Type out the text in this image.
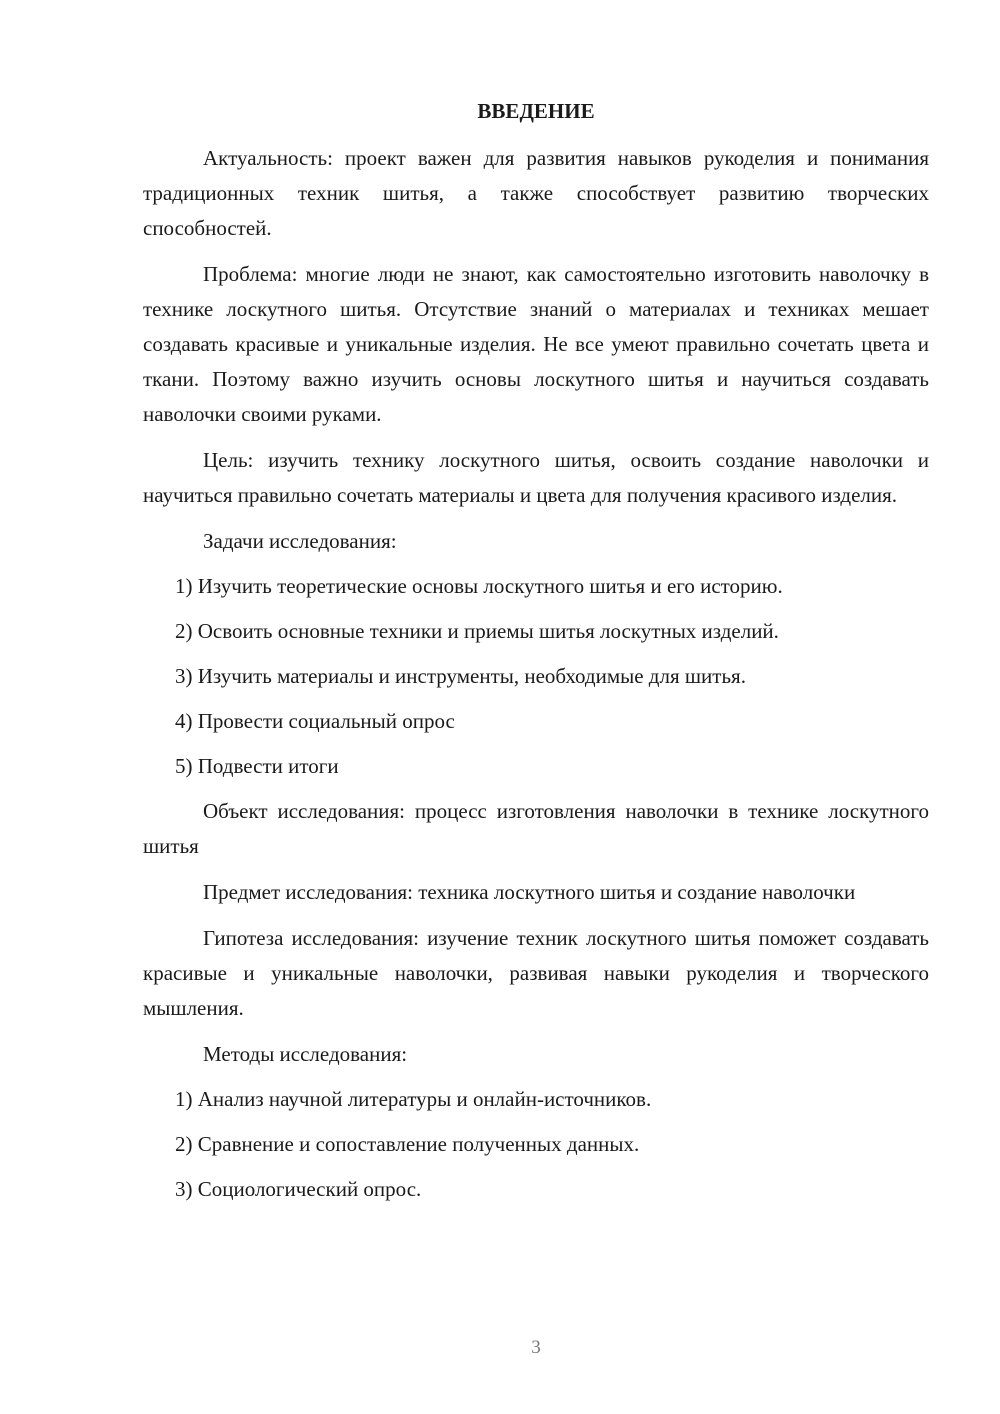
ВВЕДЕНИЕ

Актуальность: проект важен для развития навыков рукоделия и понимания традиционных техник шитья, а также способствует развитию творческих способностей.

Проблема: многие люди не знают, как самостоятельно изготовить наволочку в технике лоскутного шитья. Отсутствие знаний о материалах и техниках мешает создавать красивые и уникальные изделия. Не все умеют правильно сочетать цвета и ткани. Поэтому важно изучить основы лоскутного шитья и научиться создавать наволочки своими руками.

Цель: изучить технику лоскутного шитья, освоить создание наволочки и научиться правильно сочетать материалы и цвета для получения красивого изделия.

Задачи исследования:

1) Изучить теоретические основы лоскутного шитья и его историю.

2) Освоить основные техники и приемы шитья лоскутных изделий.

3) Изучить материалы и инструменты, необходимые для шитья.

4) Провести социальный опрос

5) Подвести итоги

Объект исследования: процесс изготовления наволочки в технике лоскутного шитья

Предмет исследования: техника лоскутного шитья и создание наволочки

Гипотеза исследования: изучение техник лоскутного шитья поможет создавать красивые и уникальные наволочки, развивая навыки рукоделия и творческого мышления.

Методы исследования:

1) Анализ научной литературы и онлайн-источников.

2) Сравнение и сопоставление полученных данных.

3) Социологический опрос.

3
